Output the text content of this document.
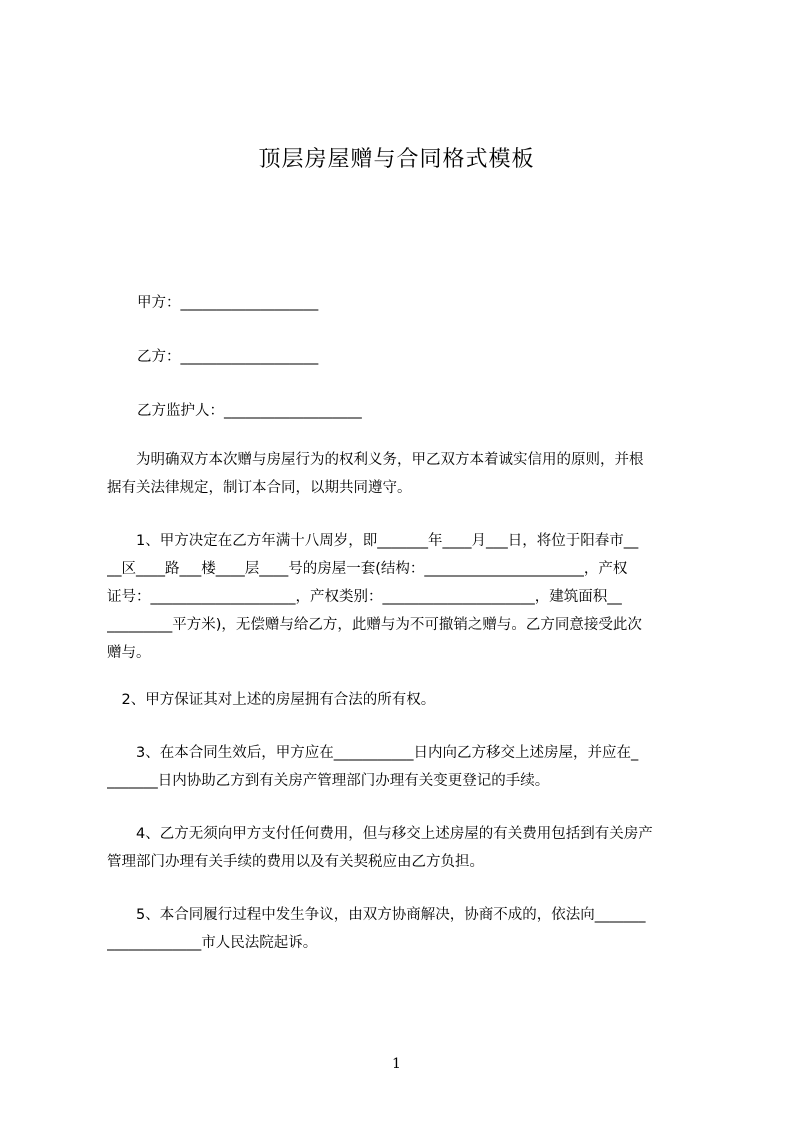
顶层房屋赠与合同格式模板
甲方：___________________
乙方：___________________
乙方监护人：___________________
　　为明确双方本次赠与房屋行为的权利义务，甲乙双方本着诚实信用的原则，并根
据有关法律规定，制订本合同，以期共同遵守。
　　1、甲方决定在乙方年满十八周岁，即_______年____月___日，将位于阳春市__
__区____路___楼____层____号的房屋一套(结构：______________________，产权
证号：____________________，产权类别：_____________________，建筑面积__
_________平方米)，无偿赠与给乙方，此赠与为不可撤销之赠与。乙方同意接受此次
赠与。
　2、甲方保证其对上述的房屋拥有合法的所有权。
　　3、在本合同生效后，甲方应在___________日内向乙方移交上述房屋，并应在_
_______日内协助乙方到有关房产管理部门办理有关变更登记的手续。
　　4、乙方无须向甲方支付任何费用，但与移交上述房屋的有关费用包括到有关房产
管理部门办理有关手续的费用以及有关契税应由乙方负担。
　　5、本合同履行过程中发生争议，由双方协商解决，协商不成的，依法向_______
_____________市人民法院起诉。
1
